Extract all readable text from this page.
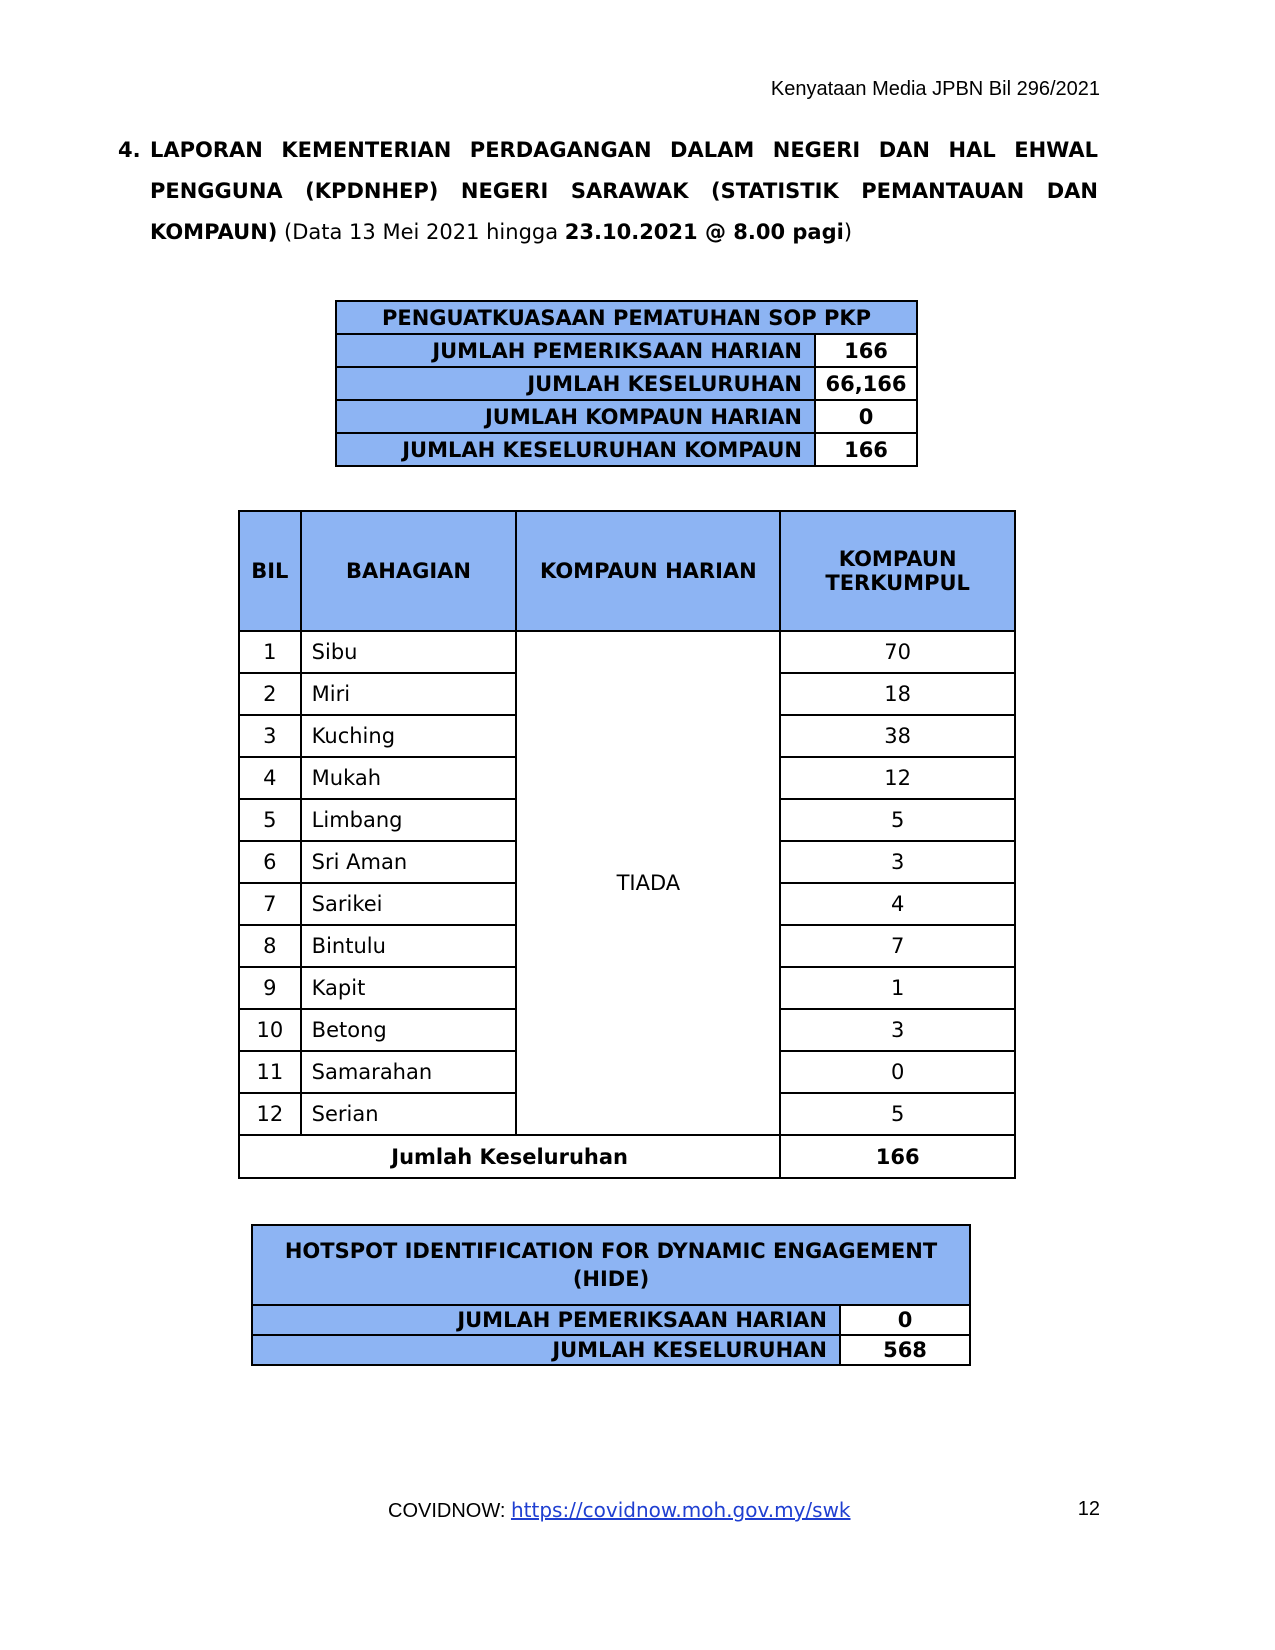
Kenyataan Media JPBN Bil 296/2021
4. LAPORAN KEMENTERIAN PERDAGANGAN DALAM NEGERI DAN HAL EHWAL
PENGGUNA (KPDNHEP) NEGERI SARAWAK (STATISTIK PEMANTAUAN DAN
KOMPAUN) (Data 13 Mei 2021 hingga 23.10.2021 @ 8.00 pagi)
PENGUATKUASAAN PEMATUHAN SOP PKP	
JUMLAH PEMERIKSAAN HARIAN	166
JUMLAH KESELURUHAN	66,166
JUMLAH KOMPAUN HARIAN	0
JUMLAH KESELURUHAN KOMPAUN	166
BIL	BAHAGIAN	KOMPAUN HARIAN	KOMPAUN
TERKUMPUL
1	Sibu	TIADA	70
2	Miri		18
3	Kuching		38
4	Mukah		12
5	Limbang		5
6	Sri Aman		3
7	Sarikei		4
8	Bintulu		7
9	Kapit		1
10	Betong		3
11	Samarahan		0
12	Serian		5
Jumlah Keseluruhan			166
HOTSPOT IDENTIFICATION FOR DYNAMIC ENGAGEMENT
(HIDE)	
JUMLAH PEMERIKSAAN HARIAN	0
JUMLAH KESELURUHAN	568
COVIDNOW: https://covidnow.moh.gov.my/swk	12
